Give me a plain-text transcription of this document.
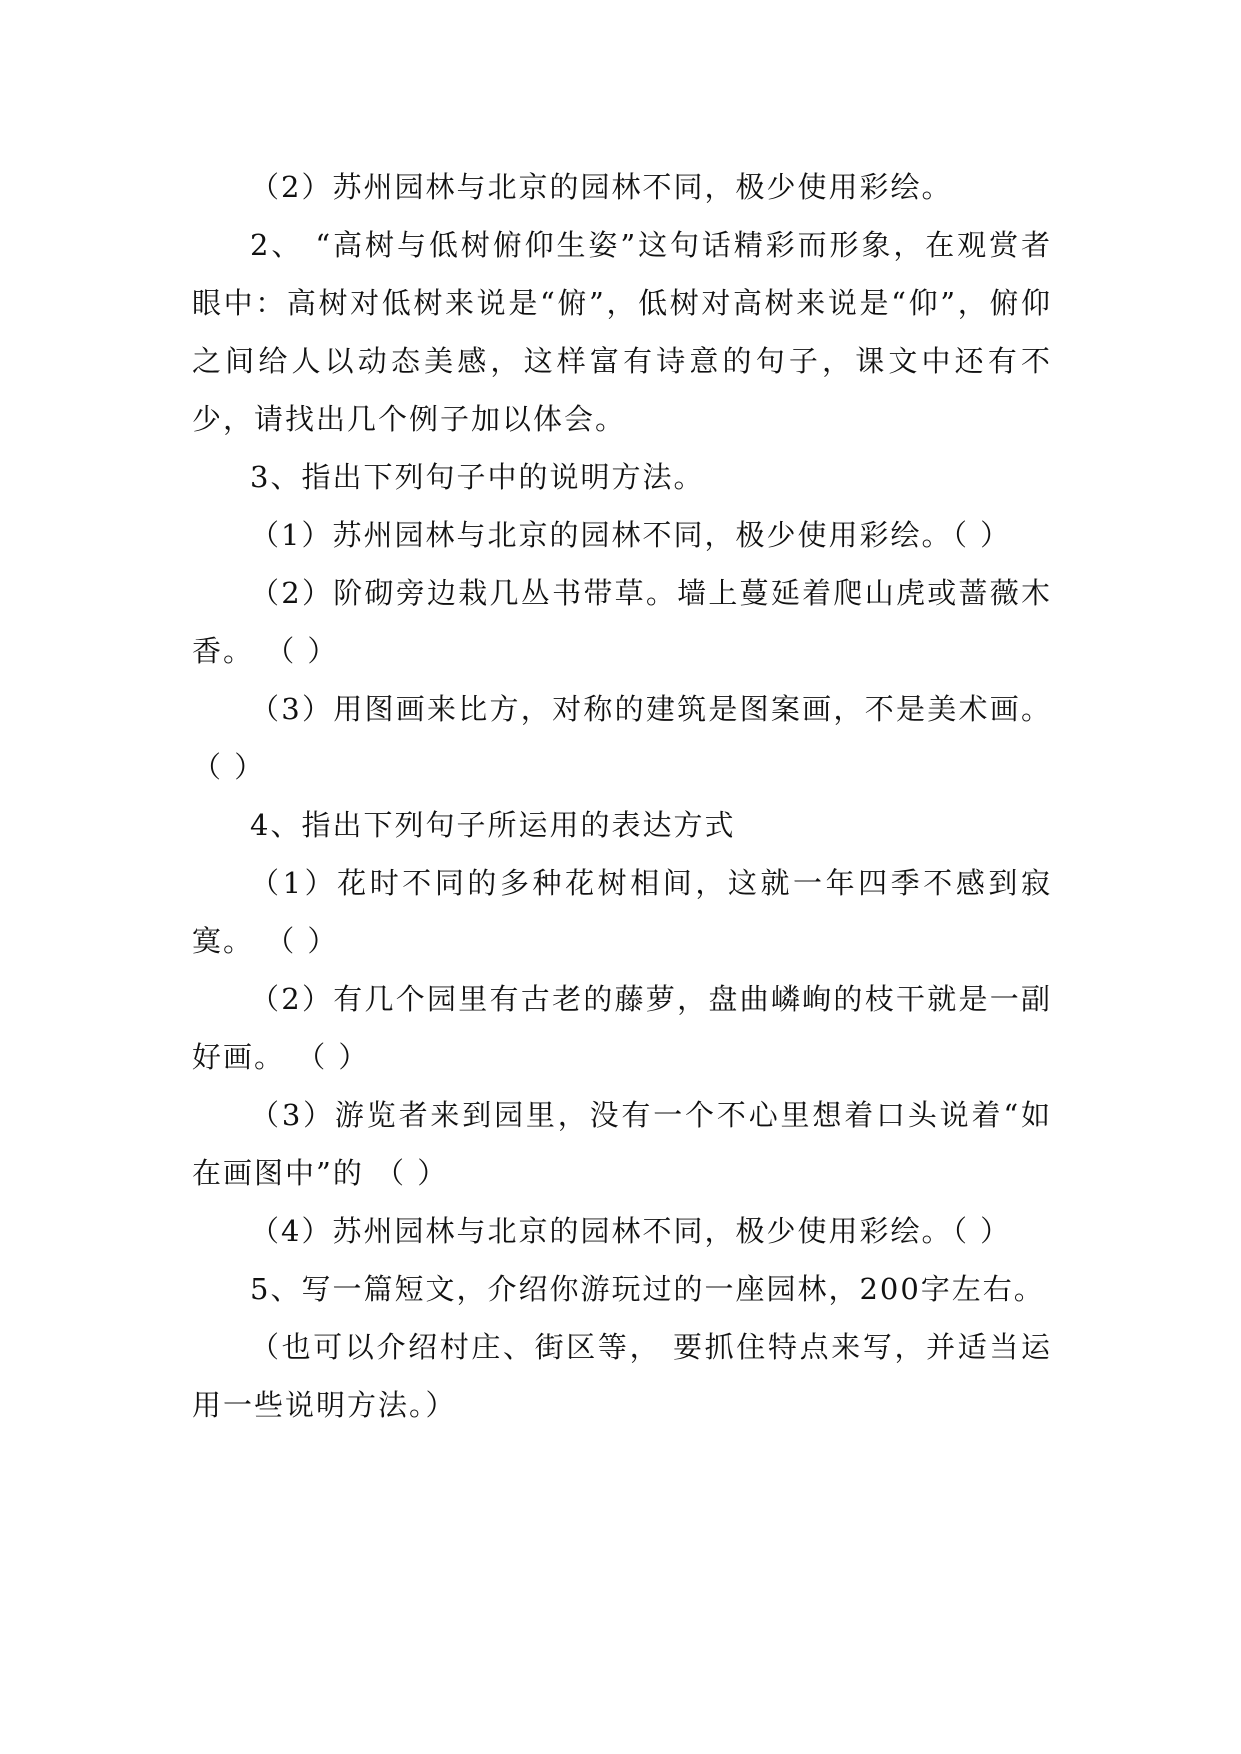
（2）苏州园林与北京的园林不同，极少使用彩绘。

2、 “高树与低树俯仰生姿”这句话精彩而形象，在观赏者眼中：高树对低树来说是“俯”，低树对高树来说是“仰”，俯仰之间给人以动态美感，这样富有诗意的句子，课文中还有不少，请找出几个例子加以体会。

3、指出下列句子中的说明方法。

（1）苏州园林与北京的园林不同，极少使用彩绘。（ ）

（2）阶砌旁边栽几丛书带草。墙上蔓延着爬山虎或蔷薇木香。 （ ）

（3）用图画来比方，对称的建筑是图案画，不是美术画。 （ ）

4、指出下列句子所运用的表达方式

（1）花时不同的多种花树相间，这就一年四季不感到寂寞。 （ ）

（2）有几个园里有古老的藤萝，盘曲嶙峋的枝干就是一副好画。 （ ）

（3）游览者来到园里，没有一个不心里想着口头说着“如在画图中”的 （ ）

（4）苏州园林与北京的园林不同，极少使用彩绘。（ ）

5、写一篇短文，介绍你游玩过的一座园林，200字左右。

（也可以介绍村庄、街区等， 要抓住特点来写，并适当运用一些说明方法。）
